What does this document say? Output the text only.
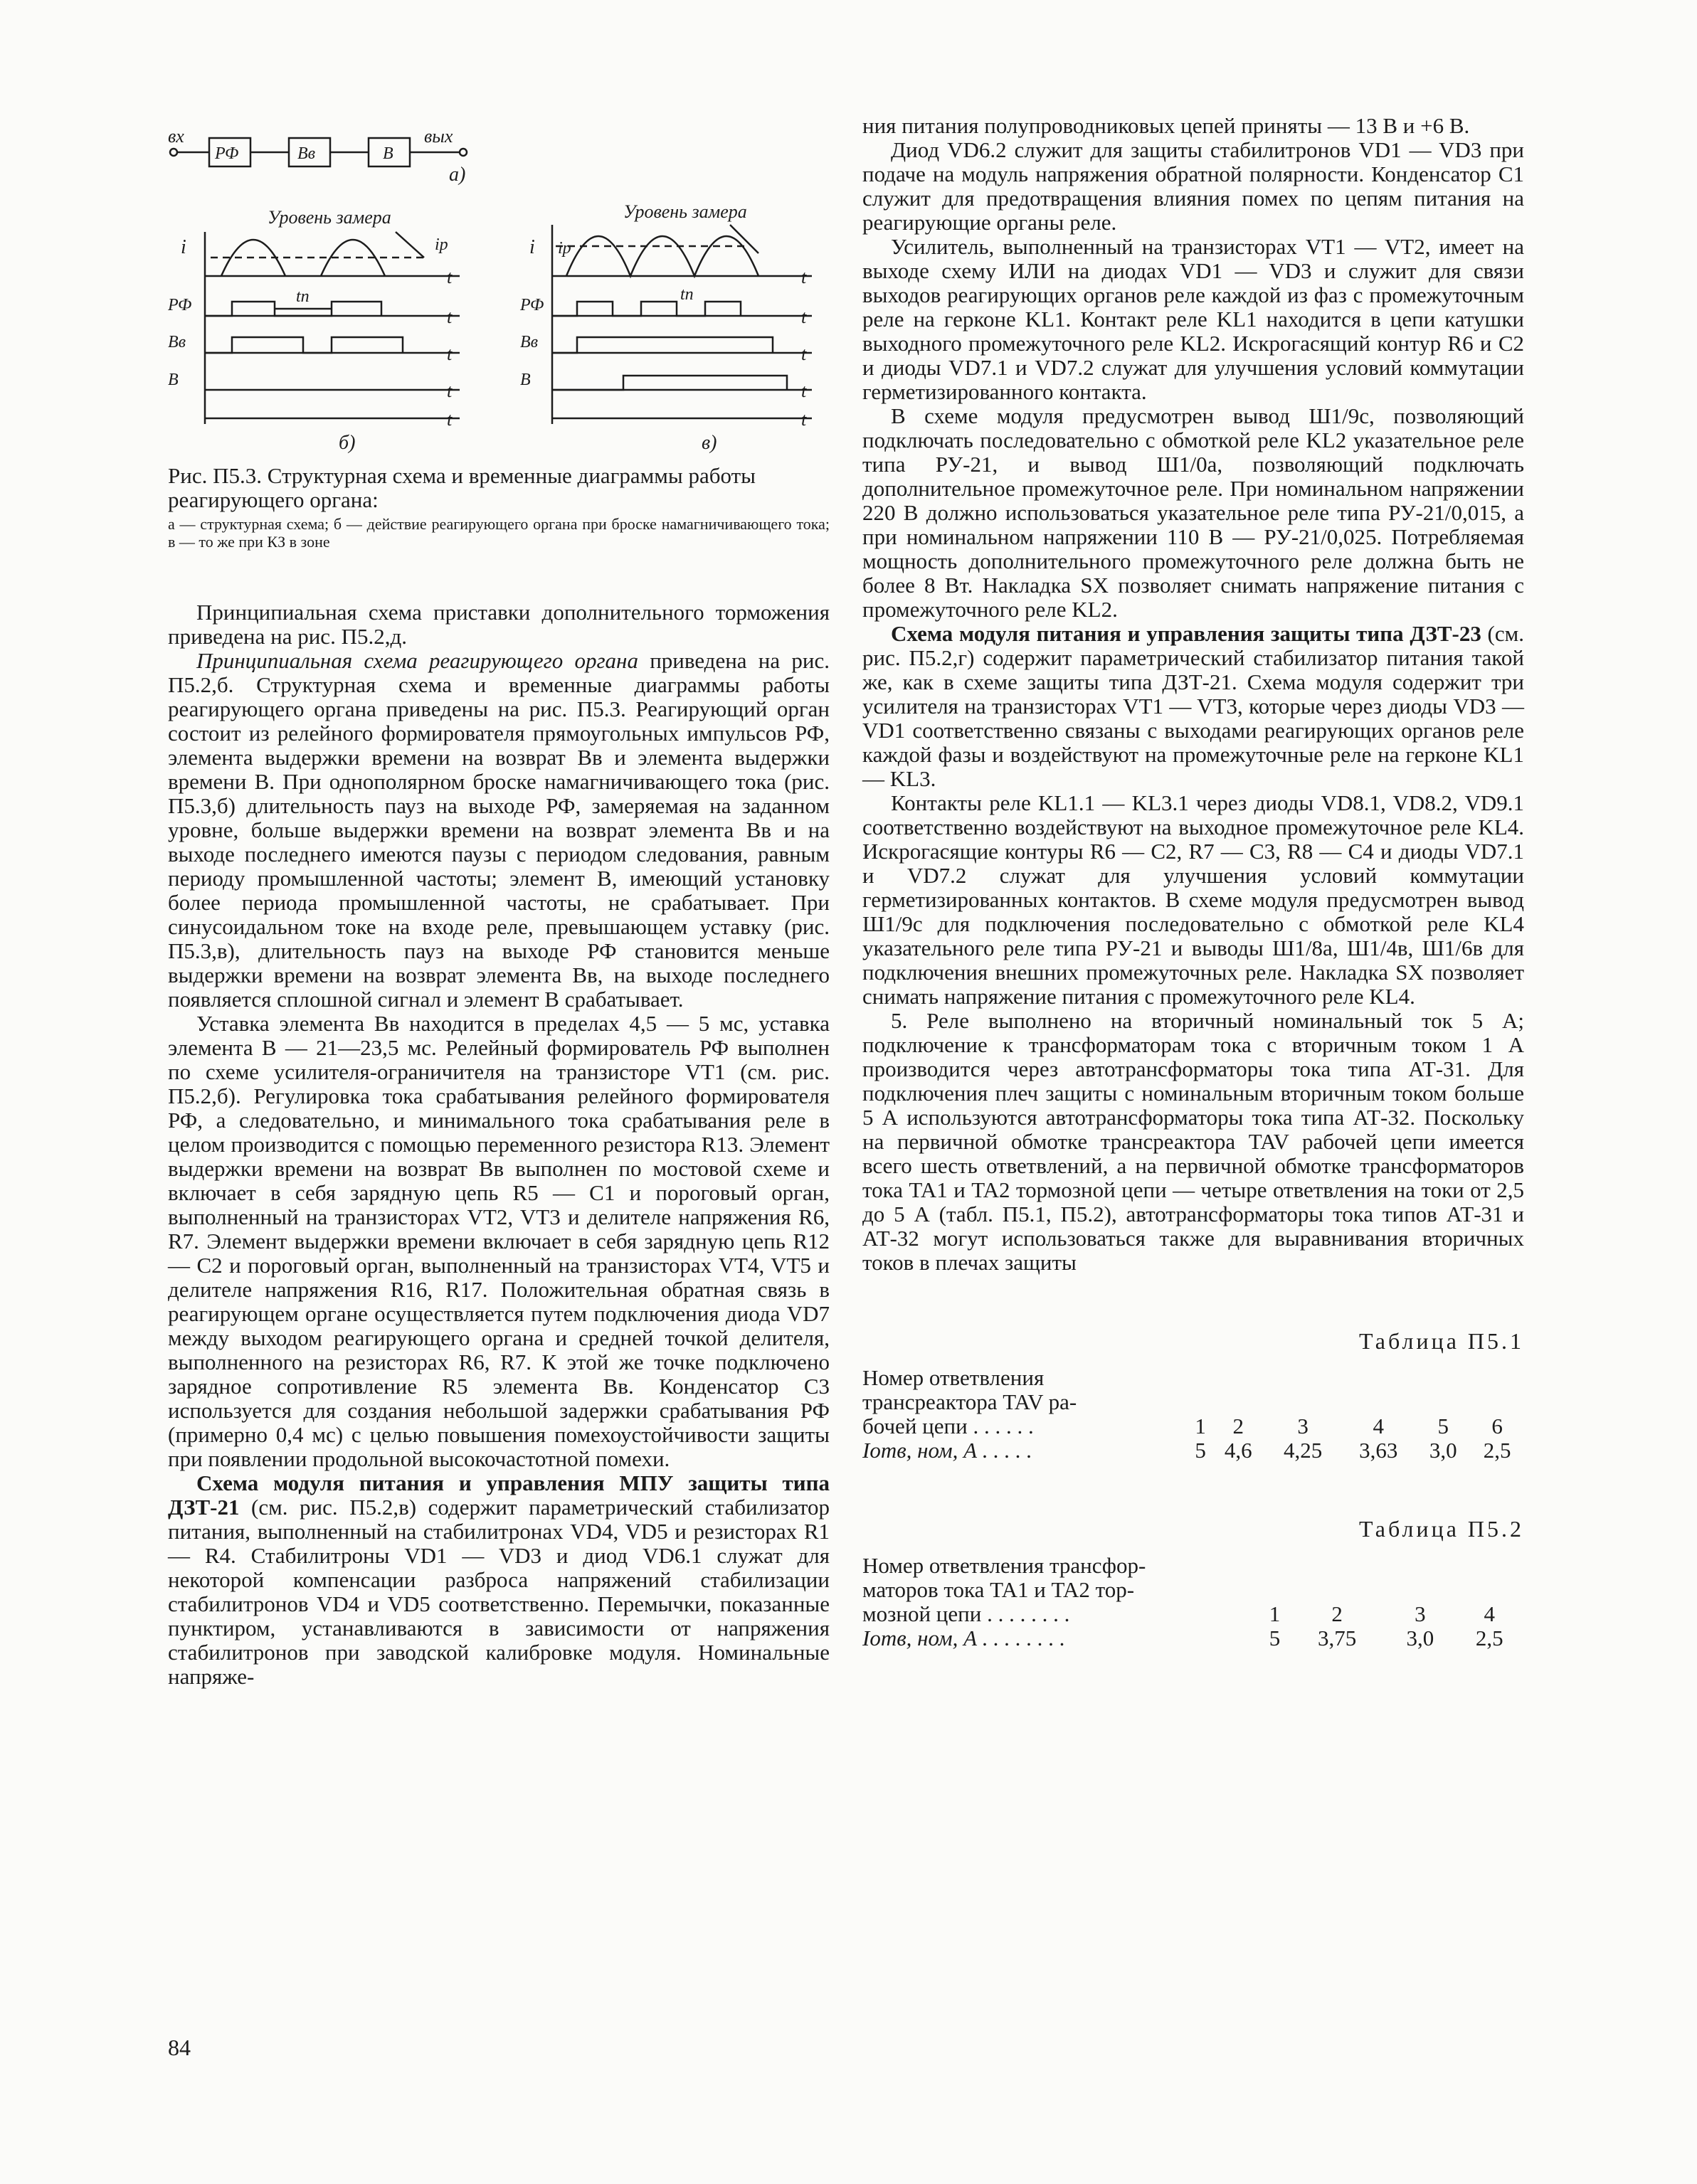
вх
РФ	Вв	В
вых
а)
Уровень замера
i	iр
t
РФ	tп
t
Вв
t
В
t
t
б)
Уровень замера
i iр
t
РФ
tп
t
Вв
t
В
t
t
в)
Рис. П5.3. Структурная схема и временные диаграммы работы реагирующего органа:
а — структурная схема; б — действие реагирующего органа при броске намагничивающего тока; в — то же при КЗ в зоне

Принципиальная схема приставки дополнительного торможения приведена на рис. П5.2,д.

Принципиальная схема реагирующего органа приведена на рис. П5.2,б. Структурная схема и временные диаграммы работы реагирующего органа приведены на рис. П5.3. Реагирующий орган состоит из релейного формирователя прямоугольных импульсов РФ, элемента выдержки времени на возврат Вв и элемента выдержки времени В. При однополярном броске намагничивающего тока (рис. П5.3,б) длительность пауз на выходе РФ, замеряемая на заданном уровне, больше выдержки времени на возврат элемента Вв и на выходе последнего имеются паузы с периодом следования, равным периоду промышленной частоты; элемент В, имеющий установку более периода промышленной частоты, не срабатывает. При синусоидальном токе на входе реле, превышающем уставку (рис. П5.3,в), длительность пауз на выходе РФ становится меньше выдержки времени на возврат элемента Вв, на выходе последнего появляется сплошной сигнал и элемент В срабатывает.

Уставка элемента Вв находится в пределах 4,5 — 5 мс, уставка элемента В — 21—23,5 мс. Релейный формирователь РФ выполнен по схеме усилителя-ограничителя на транзисторе VT1 (см. рис. П5.2,б). Регулировка тока срабатывания релейного формирователя РФ, а следовательно, и минимального тока срабатывания реле в целом производится с помощью переменного резистора R13. Элемент выдержки времени на возврат Вв выполнен по мостовой схеме и включает в себя зарядную цепь R5 — C1 и пороговый орган, выполненный на транзисторах VT2, VT3 и делителе напряжения R6, R7. Элемент выдержки времени включает в себя зарядную цепь R12 — C2 и пороговый орган, выполненный на транзисторах VT4, VT5 и делителе напряжения R16, R17. Положительная обратная связь в реагирующем органе осуществляется путем подключения диода VD7 между выходом реагирующего органа и средней точкой делителя, выполненного на резисторах R6, R7. К этой же точке подключено зарядное сопротивление R5 элемента Вв. Конденсатор C3 используется для создания небольшой задержки срабатывания РФ (примерно 0,4 мс) с целью повышения помехоустойчивости защиты при появлении продольной высокочастотной помехи.

Схема модуля питания и управления МПУ защиты типа ДЗТ-21 (см. рис. П5.2,в) содержит параметрический стабилизатор питания, выполненный на стабилитронах VD4, VD5 и резисторах R1 — R4. Стабилитроны VD1 — VD3 и диод VD6.1 служат для некоторой компенсации разброса напряжений стабилизации стабилитронов VD4 и VD5 соответственно. Перемычки, показанные пунктиром, устанавливаются в зависимости от напряжения стабилитронов при заводской калибровке модуля. Номинальные напряже-

ния питания полупроводниковых цепей приняты — 13 В и +6 В.

Диод VD6.2 служит для защиты стабилитронов VD1 — VD3 при подаче на модуль напряжения обратной полярности. Конденсатор C1 служит для предотвращения влияния помех по цепям питания на реагирующие органы реле.

Усилитель, выполненный на транзисторах VT1 — VT2, имеет на выходе схему ИЛИ на диодах VD1 — VD3 и служит для связи выходов реагирующих органов реле каждой из фаз с промежуточным реле на герконе KL1. Контакт реле KL1 находится в цепи катушки выходного промежуточного реле KL2. Искрогасящий контур R6 и C2 и диоды VD7.1 и VD7.2 служат для улучшения условий коммутации герметизированного контакта.

В схеме модуля предусмотрен вывод Ш1/9с, позволяющий подключать последовательно с обмоткой реле KL2 указательное реле типа РУ-21, и вывод Ш1/0а, позволяющий подключать дополнительное промежуточное реле. При номинальном напряжении 220 В должно использоваться указательное реле типа РУ-21/0,015, а при номинальном напряжении 110 В — РУ-21/0,025. Потребляемая мощность дополнительного промежуточного реле должна быть не более 8 Вт. Накладка SX позволяет снимать напряжение питания с промежуточного реле KL2.

Схема модуля питания и управления защиты типа ДЗТ-23 (см. рис. П5.2,г) содержит параметрический стабилизатор питания такой же, как в схеме защиты типа ДЗТ-21. Схема модуля содержит три усилителя на транзисторах VT1 — VT3, которые через диоды VD3 — VD1 соответственно связаны с выходами реагирующих органов реле каждой фазы и воздействуют на промежуточные реле на герконе KL1 — KL3.

Контакты реле KL1.1 — KL3.1 через диоды VD8.1, VD8.2, VD9.1 соответственно воздействуют на выходное промежуточное реле KL4. Искрогасящие контуры R6 — C2, R7 — C3, R8 — C4 и диоды VD7.1 и VD7.2 служат для улучшения условий коммутации герметизированных контактов. В схеме модуля предусмотрен вывод Ш1/9с для подключения последовательно с обмоткой реле KL4 указательного реле типа РУ-21 и выводы Ш1/8а, Ш1/4в, Ш1/6в для подключения внешних промежуточных реле. Накладка SX позволяет снимать напряжение питания с промежуточного реле KL4.

5. Реле выполнено на вторичный номинальный ток 5 А; подключение к трансформаторам тока с вторичным током 1 А производится через автотрансформаторы тока типа АТ-31. Для подключения плеч защиты с номинальным вторичным током больше 5 А используются автотрансформаторы тока типа АТ-32. Поскольку на первичной обмотке трансреактора TAV рабочей цепи имеется всего шесть ответвлений, а на первичной обмотке трансформаторов тока TA1 и TA2 тормозной цепи — четыре ответвления на токи от 2,5 до 5 А (табл. П5.1, П5.2), автотрансформаторы тока типов АТ-31 и АТ-32 могут использоваться также для выравнивания вторичных токов в плечах защиты

Таблица П5.1
Номер ответвления						
трансреактора TAV ра-						
бочей цепи . . . . . .	1	2	3	4	5	6
Iотв, ном, А . . . . .	5	4,6	4,25	3,63	3,0	2,5
Таблица П5.2
Номер ответвления трансфор-				
маторов тока TA1 и TA2 тор-				
мозной цепи . . . . . . . .	1	2	3	4
Iотв, ном, А . . . . . . . .	5	3,75	3,0	2,5
84
